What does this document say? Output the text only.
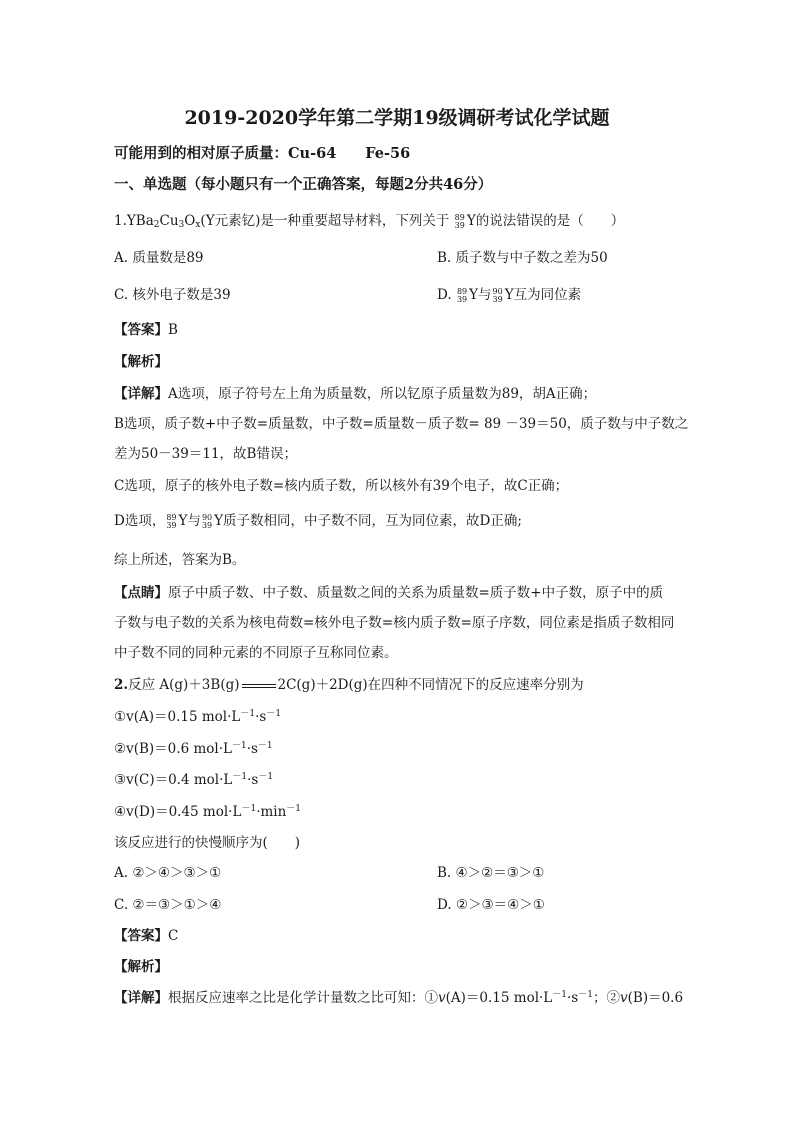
2019-2020学年第二学期19级调研考试化学试题
可能用到的相对原子质量：Cu-64　　Fe-56
一、单选题（每小题只有一个正确答案，每题2分共46分）
$1.YBa_2Cu_3O_x(Y$元素钇)是一种重要超导材料，下列关于 89
39 Y的说法错误的是（　　）
A. 质量数是89	B. 质子数与中子数之差为50
C. 核外电子数是39	D. 89
39 Y与 90
39 Y互为同位素
【答案】B
【解析】
【详解】A选项，原子符号左上角为质量数，所以钇原子质量数为89，胡A正确；
B选项，质子数+中子数=质量数，中子数=质量数－质子数= 89 －39＝50，质子数与中子数之
差为50－39＝11，故B错误；
C选项，原子的核外电子数=核内质子数，所以核外有39个电子，故C正确；
D选项， 89
39 Y与 90
39 Y质子数相同，中子数不同，互为同位素，故D正确;
综上所述，答案为B。
【点睛】原子中质子数、中子数、质量数之间的关系为质量数=质子数+中子数，原子中的质
子数与电子数的关系为核电荷数=核外电子数=核内质子数=原子序数，同位素是指质子数相同
中子数不同的同种元素的不同原子互称同位素。
2.反应 A(g)＋3B(g)	2C(g)＋2D(g)在四种不同情况下的反应速率分别为
①v(A)＝0.15 $mol\cdot L^{-1}\cdot s^{-1}$
②v(B)＝0.6 $mol\cdot L^{-1}\cdot s^{-1}$
③v(C)＝0.4 $mol\cdot L^{-1}\cdot s^{-1}$
④v(D)＝0.45 $mol\cdot L^{-1}\cdot\min^{-1}$
该反应进行的快慢顺序为(　　)
A. ②＞④＞③＞①	B. ④＞②＝③＞①
C. ②＝③＞①＞④	D. ②＞③＝④＞①
【答案】C
【解析】
【详解】根据反应速率之比是化学计量数之比可知：①v(A)＝0.15 $mol\cdot L^{-1}\cdot s^{-1}$；②v(B)＝0.6
